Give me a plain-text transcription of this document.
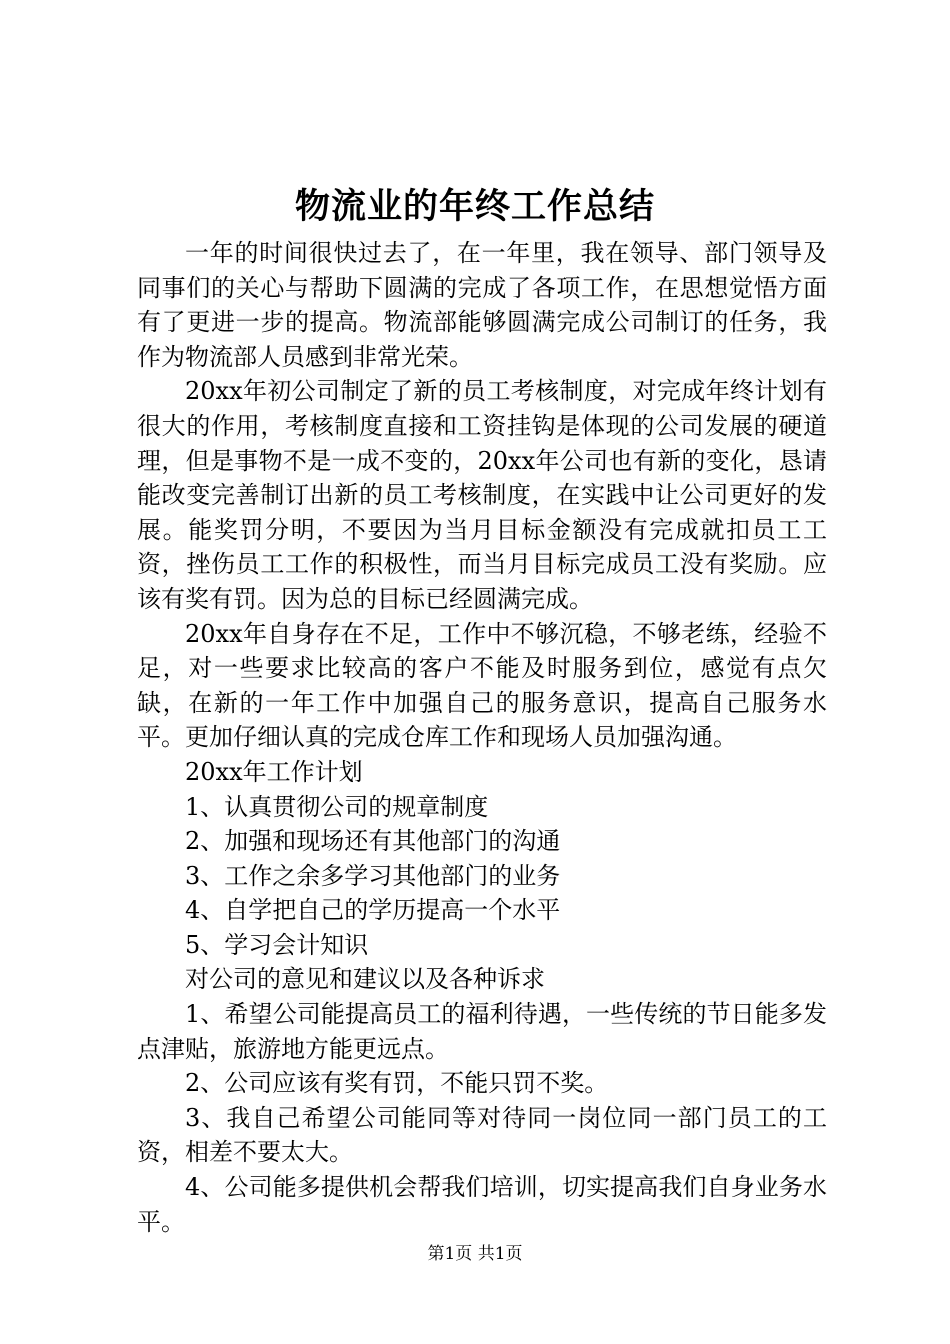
物流业的年终工作总结

一年的时间很快过去了，在一年里，我在领导、部门领导及同事们的关心与帮助下圆满的完成了各项工作，在思想觉悟方面有了更进一步的提高。物流部能够圆满完成公司制订的任务，我作为物流部人员感到非常光荣。

20xx年初公司制定了新的员工考核制度，对完成年终计划有很大的作用，考核制度直接和工资挂钩是体现的公司发展的硬道理，但是事物不是一成不变的，20xx年公司也有新的变化，恳请能改变完善制订出新的员工考核制度，在实践中让公司更好的发展。能奖罚分明，不要因为当月目标金额没有完成就扣员工工资，挫伤员工工作的积极性，而当月目标完成员工没有奖励。应该有奖有罚。因为总的目标已经圆满完成。

20xx年自身存在不足，工作中不够沉稳，不够老练，经验不足，对一些要求比较高的客户不能及时服务到位，感觉有点欠缺，在新的一年工作中加强自己的服务意识，提高自己服务水平。更加仔细认真的完成仓库工作和现场人员加强沟通。

20xx年工作计划

1、认真贯彻公司的规章制度

2、加强和现场还有其他部门的沟通

3、工作之余多学习其他部门的业务

4、自学把自己的学历提高一个水平

5、学习会计知识

对公司的意见和建议以及各种诉求

1、希望公司能提高员工的福利待遇，一些传统的节日能多发点津贴，旅游地方能更远点。

2、公司应该有奖有罚，不能只罚不奖。

3、我自己希望公司能同等对待同一岗位同一部门员工的工资，相差不要太大。

4、公司能多提供机会帮我们培训，切实提高我们自身业务水平。

第1页 共1页
